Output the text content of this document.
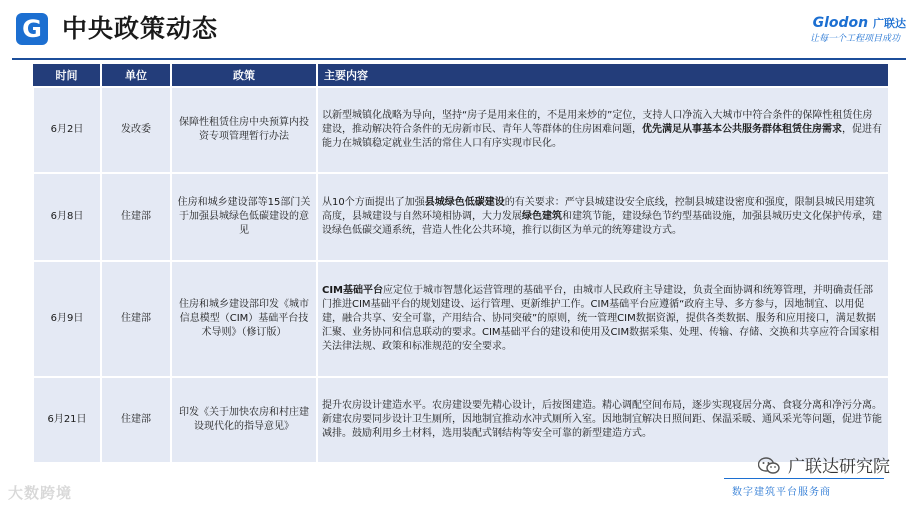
G 中央政策动态	Glodon 广联达
让每一个工程项目成功
时间	单位	政策	主要内容
6月2日	发改委	保障性租赁住房中央预算内投资专项管理暂行办法	以新型城镇化战略为导向，坚持“房子是用来住的，不是用来炒的”定位，支持人口净流入大城市中符合条件的保障性租赁住房建设，推动解决符合条件的无房新市民、青年人等群体的住房困难问题，优先满足从事基本公共服务群体租赁住房需求，促进有能力在城镇稳定就业生活的常住人口有序实现市民化。
6月8日	住建部	住房和城乡建设部等15部门关于加强县城绿色低碳建设的意见	从10个方面提出了加强县城绿色低碳建设的有关要求：严守县城建设安全底线，控制县城建设密度和强度，限制县城民用建筑高度，县城建设与自然环境相协调，大力发展绿色建筑和建筑节能，建设绿色节约型基础设施，加强县城历史文化保护传承，建设绿色低碳交通系统，营造人性化公共环境，推行以街区为单元的统筹建设方式。
6月9日	住建部	住房和城乡建设部印发《城市信息模型（CIM）基础平台技术导则》（修订版）	CIM基础平台应定位于城市智慧化运营管理的基础平台，由城市人民政府主导建设，负责全面协调和统筹管理，并明确责任部门推进CIM基础平台的规划建设、运行管理、更新维护工作。CIM基础平台应遵循“政府主导、多方参与，因地制宜、以用促建，融合共享、安全可靠，产用结合、协同突破”的原则，统一管理CIM数据资源，提供各类数据、服务和应用接口，满足数据汇聚、业务协同和信息联动的要求。CIM基础平台的建设和使用及CIM数据采集、处理、传输、存储、交换和共享应符合国家相关法律法规、政策和标准规范的安全要求。
6月21日	住建部	印发《关于加快农房和村庄建设现代化的指导意见》	提升农房设计建造水平。农房建设要先精心设计，后按图建造。精心调配空间布局，逐步实现寝居分离、食寝分离和净污分离。新建农房要同步设计卫生厕所，因地制宜推动水冲式厕所入室。因地制宜解决日照间距、保温采暖、通风采光等问题，促进节能减排。鼓励利用乡土材料，选用装配式钢结构等安全可靠的新型建造方式。
大数跨境
广联达研究院
数字建筑平台服务商
